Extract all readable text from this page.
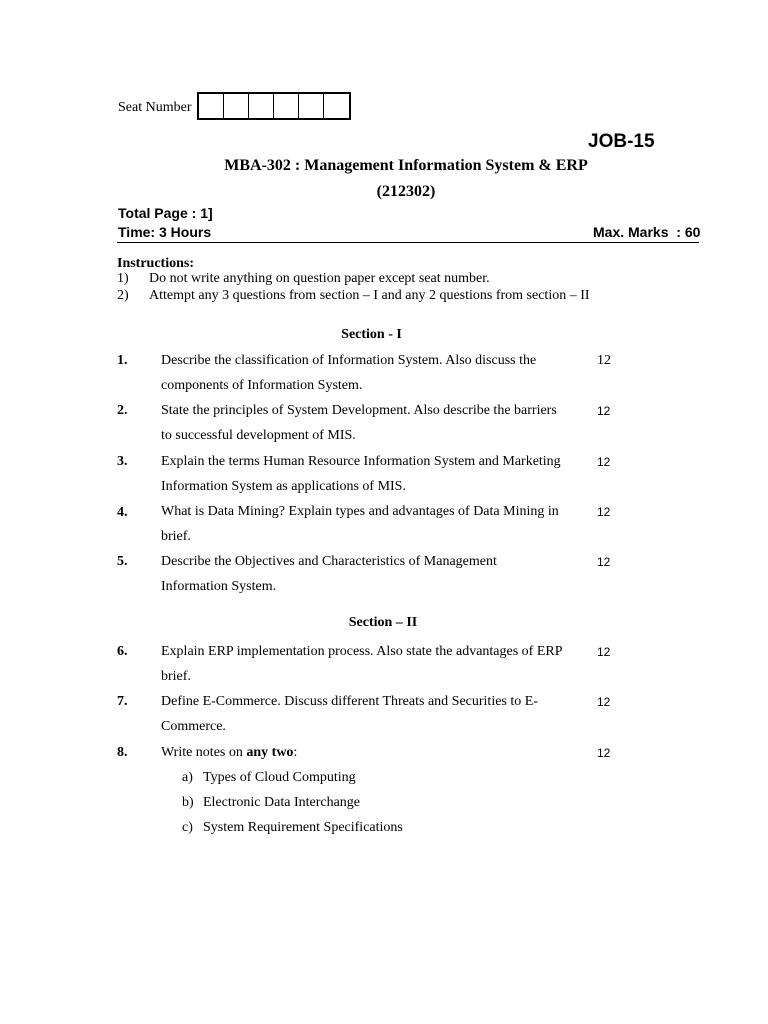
Seat Number
JOB-15
MBA-302 : Management Information System & ERP
(212302)
Total Page : 1]
Time: 3 Hours	Max. Marks  : 60
Instructions:
1) Do not write anything on question paper except seat number.
2) Attempt any 3 questions from section – I and any 2 questions from section – II
Section - I
1. Describe the classification of Information System. Also discuss the
components of Information System.
12
2. State the principles of System Development. Also describe the barriers
to successful development of MIS.
12
3. Explain the terms Human Resource Information System and Marketing
Information System as applications of MIS.
12
4. What is Data Mining? Explain types and advantages of Data Mining in
brief.
12
5. Describe the Objectives and Characteristics of Management
Information System.
12
Section – II
6. Explain ERP implementation process. Also state the advantages of ERP
brief.
12
7. Define E-Commerce. Discuss different Threats and Securities to E-
Commerce.
12
8. Write notes on any two:	12
a) Types of Cloud Computing
b) Electronic Data Interchange
c) System Requirement Specifications
